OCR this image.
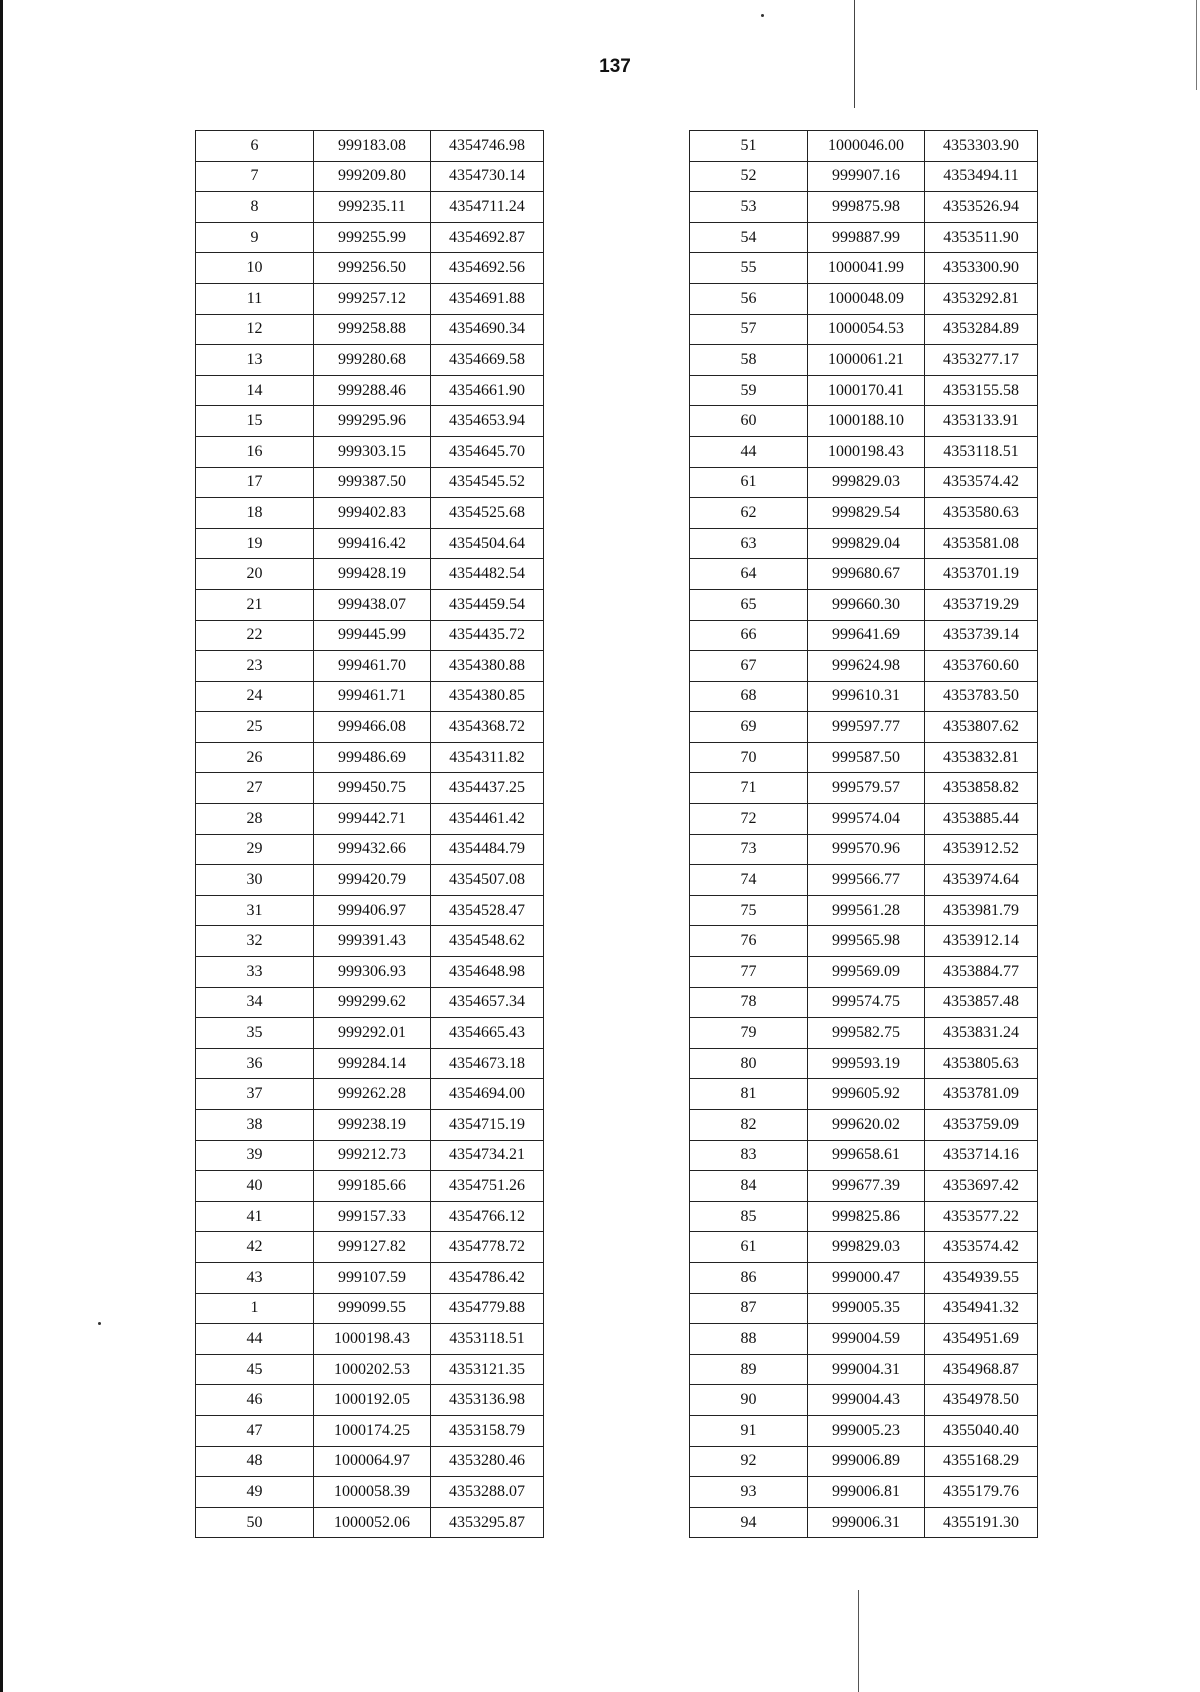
137
6	999183.08	4354746.98
7	999209.80	4354730.14
8	999235.11	4354711.24
9	999255.99	4354692.87
10	999256.50	4354692.56
11	999257.12	4354691.88
12	999258.88	4354690.34
13	999280.68	4354669.58
14	999288.46	4354661.90
15	999295.96	4354653.94
16	999303.15	4354645.70
17	999387.50	4354545.52
18	999402.83	4354525.68
19	999416.42	4354504.64
20	999428.19	4354482.54
21	999438.07	4354459.54
22	999445.99	4354435.72
23	999461.70	4354380.88
24	999461.71	4354380.85
25	999466.08	4354368.72
26	999486.69	4354311.82
27	999450.75	4354437.25
28	999442.71	4354461.42
29	999432.66	4354484.79
30	999420.79	4354507.08
31	999406.97	4354528.47
32	999391.43	4354548.62
33	999306.93	4354648.98
34	999299.62	4354657.34
35	999292.01	4354665.43
36	999284.14	4354673.18
37	999262.28	4354694.00
38	999238.19	4354715.19
39	999212.73	4354734.21
40	999185.66	4354751.26
41	999157.33	4354766.12
42	999127.82	4354778.72
43	999107.59	4354786.42
1	999099.55	4354779.88
44	1000198.43	4353118.51
45	1000202.53	4353121.35
46	1000192.05	4353136.98
47	1000174.25	4353158.79
48	1000064.97	4353280.46
49	1000058.39	4353288.07
50	1000052.06	4353295.87
51	1000046.00	4353303.90
52	999907.16	4353494.11
53	999875.98	4353526.94
54	999887.99	4353511.90
55	1000041.99	4353300.90
56	1000048.09	4353292.81
57	1000054.53	4353284.89
58	1000061.21	4353277.17
59	1000170.41	4353155.58
60	1000188.10	4353133.91
44	1000198.43	4353118.51
61	999829.03	4353574.42
62	999829.54	4353580.63
63	999829.04	4353581.08
64	999680.67	4353701.19
65	999660.30	4353719.29
66	999641.69	4353739.14
67	999624.98	4353760.60
68	999610.31	4353783.50
69	999597.77	4353807.62
70	999587.50	4353832.81
71	999579.57	4353858.82
72	999574.04	4353885.44
73	999570.96	4353912.52
74	999566.77	4353974.64
75	999561.28	4353981.79
76	999565.98	4353912.14
77	999569.09	4353884.77
78	999574.75	4353857.48
79	999582.75	4353831.24
80	999593.19	4353805.63
81	999605.92	4353781.09
82	999620.02	4353759.09
83	999658.61	4353714.16
84	999677.39	4353697.42
85	999825.86	4353577.22
61	999829.03	4353574.42
86	999000.47	4354939.55
87	999005.35	4354941.32
88	999004.59	4354951.69
89	999004.31	4354968.87
90	999004.43	4354978.50
91	999005.23	4355040.40
92	999006.89	4355168.29
93	999006.81	4355179.76
94	999006.31	4355191.30
